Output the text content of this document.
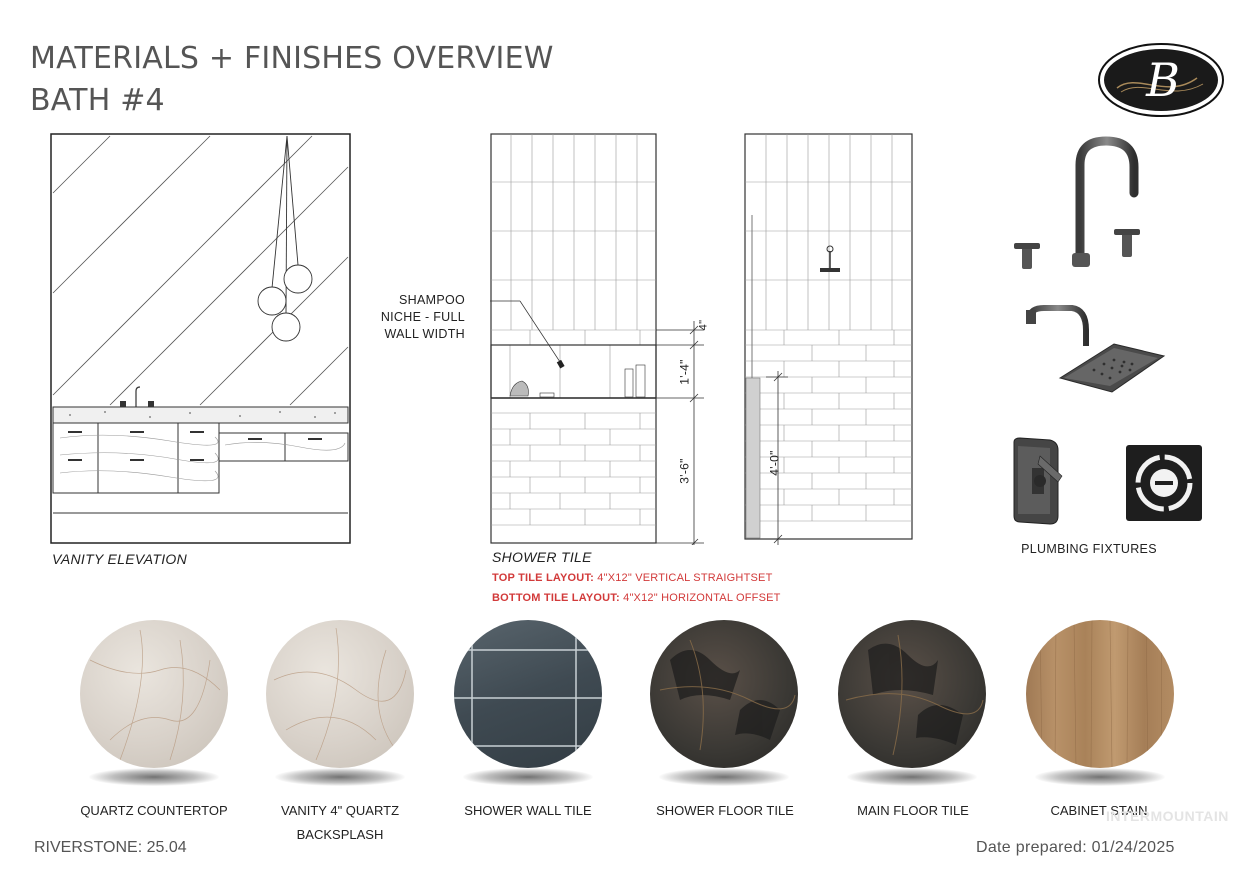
MATERIALS + FINISHES OVERVIEW
BATH #4	B
VANITY ELEVATION
SHAMPOO
NICHE - FULL
WALL WIDTH
4"
1'-4"
3'-6"	4'-0"
SHOWER TILE
TOP TILE LAYOUT: 4"X12" VERTICAL STRAIGHTSET
BOTTOM TILE LAYOUT: 4"X12" HORIZONTAL OFFSET
PLUMBING FIXTURES
QUARTZ COUNTERTOP	VANITY 4" QUARTZ
BACKSPLASH
SHOWER WALL TILE	SHOWER FLOOR TILE	MAIN FLOOR TILE	CABINET STAIN
INTERMOUNTAIN
RIVERSTONE: 25.04	Date prepared: 01/24/2025
